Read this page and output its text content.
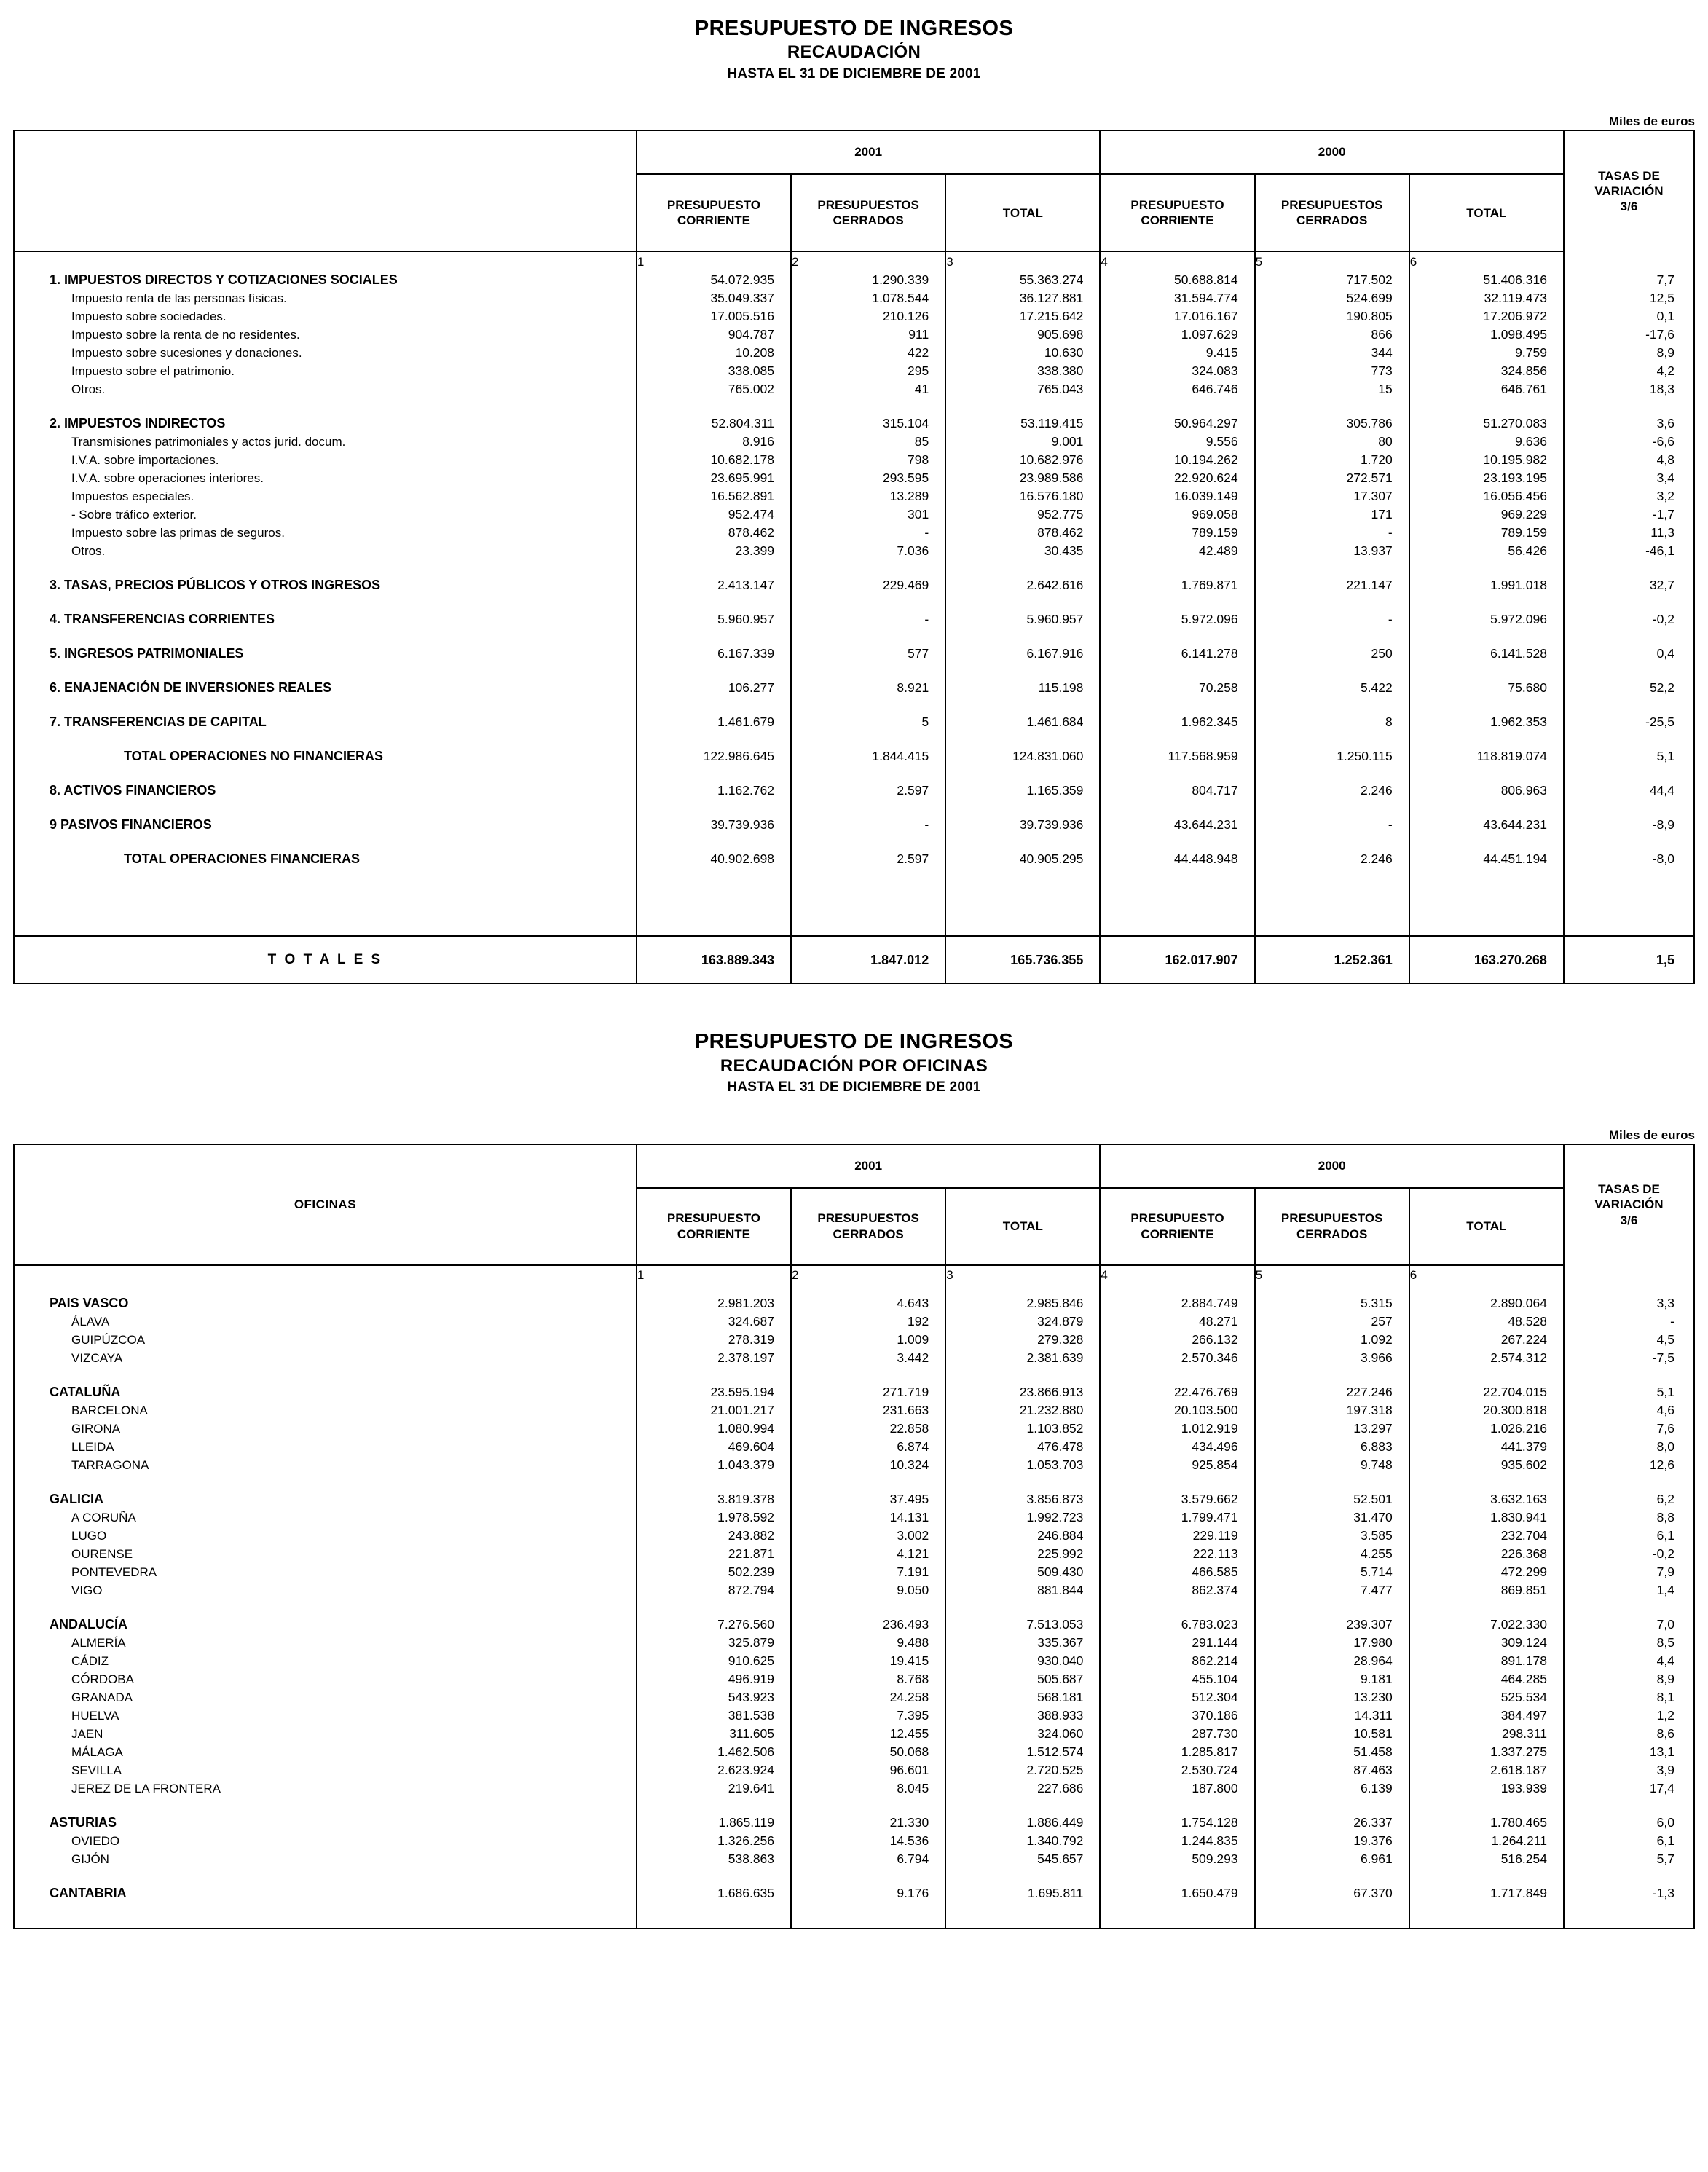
PRESUPUESTO DE INGRESOS
RECAUDACIÓN
HASTA EL 31 DE DICIEMBRE DE 2001
Miles de euros
	2001			2000			TASAS DE
VARIACIÓN
3/6
	PRESUPUESTO CORRIENTE	PRESUPUESTOS CERRADOS	TOTAL	PRESUPUESTO CORRIENTE	PRESUPUESTOS CERRADOS	TOTAL	
	1	2	3	4	5	6	
1. IMPUESTOS DIRECTOS Y COTIZACIONES SOCIALES	54.072.935	1.290.339	55.363.274	50.688.814	717.502	51.406.316	7,7
Impuesto renta de las personas físicas.	35.049.337	1.078.544	36.127.881	31.594.774	524.699	32.119.473	12,5
Impuesto sobre sociedades.	17.005.516	210.126	17.215.642	17.016.167	190.805	17.206.972	0,1
Impuesto sobre la renta de no residentes.	904.787	911	905.698	1.097.629	866	1.098.495	-17,6
Impuesto sobre sucesiones y donaciones.	10.208	422	10.630	9.415	344	9.759	8,9
Impuesto sobre el patrimonio.	338.085	295	338.380	324.083	773	324.856	4,2
Otros.	765.002	41	765.043	646.746	15	646.761	18,3

2. IMPUESTOS INDIRECTOS	52.804.311	315.104	53.119.415	50.964.297	305.786	51.270.083	3,6
Transmisiones patrimoniales y actos jurid. docum.	8.916	85	9.001	9.556	80	9.636	-6,6
I.V.A. sobre importaciones.	10.682.178	798	10.682.976	10.194.262	1.720	10.195.982	4,8
I.V.A. sobre operaciones interiores.	23.695.991	293.595	23.989.586	22.920.624	272.571	23.193.195	3,4
Impuestos especiales.	16.562.891	13.289	16.576.180	16.039.149	17.307	16.056.456	3,2
- Sobre tráfico exterior.	952.474	301	952.775	969.058	171	969.229	-1,7
Impuesto sobre las primas de seguros.	878.462	-	878.462	789.159	-	789.159	11,3
Otros.	23.399	7.036	30.435	42.489	13.937	56.426	-46,1

3. TASAS, PRECIOS PÚBLICOS Y OTROS INGRESOS	2.413.147	229.469	2.642.616	1.769.871	221.147	1.991.018	32,7

4. TRANSFERENCIAS CORRIENTES	5.960.957	-	5.960.957	5.972.096	-	5.972.096	-0,2

5. INGRESOS PATRIMONIALES	6.167.339	577	6.167.916	6.141.278	250	6.141.528	0,4

6. ENAJENACIÓN DE INVERSIONES REALES	106.277	8.921	115.198	70.258	5.422	75.680	52,2

7. TRANSFERENCIAS DE CAPITAL	1.461.679	5	1.461.684	1.962.345	8	1.962.353	-25,5

TOTAL OPERACIONES NO FINANCIERAS	122.986.645	1.844.415	124.831.060	117.568.959	1.250.115	118.819.074	5,1

8. ACTIVOS FINANCIEROS	1.162.762	2.597	1.165.359	804.717	2.246	806.963	44,4

9 PASIVOS FINANCIEROS	39.739.936	-	39.739.936	43.644.231	-	43.644.231	-8,9

TOTAL OPERACIONES FINANCIERAS	40.902.698	2.597	40.905.295	44.448.948	2.246	44.451.194	-8,0

T O T A L E S	163.889.343	1.847.012	165.736.355	162.017.907	1.252.361	163.270.268	1,5
PRESUPUESTO DE INGRESOS
RECAUDACIÓN POR OFICINAS
HASTA EL 31 DE DICIEMBRE DE 2001
Miles de euros
OFICINAS	2001			2000			TASAS DE
VARIACIÓN
3/6
	PRESUPUESTO CORRIENTE	PRESUPUESTOS CERRADOS	TOTAL	PRESUPUESTO CORRIENTE	PRESUPUESTOS CERRADOS	TOTAL	
	1	2	3	4	5	6	

PAIS VASCO	2.981.203	4.643	2.985.846	2.884.749	5.315	2.890.064	3,3
ÁLAVA	324.687	192	324.879	48.271	257	48.528	-
GUIPÚZCOA	278.319	1.009	279.328	266.132	1.092	267.224	4,5
VIZCAYA	2.378.197	3.442	2.381.639	2.570.346	3.966	2.574.312	-7,5

CATALUÑA	23.595.194	271.719	23.866.913	22.476.769	227.246	22.704.015	5,1
BARCELONA	21.001.217	231.663	21.232.880	20.103.500	197.318	20.300.818	4,6
GIRONA	1.080.994	22.858	1.103.852	1.012.919	13.297	1.026.216	7,6
LLEIDA	469.604	6.874	476.478	434.496	6.883	441.379	8,0
TARRAGONA	1.043.379	10.324	1.053.703	925.854	9.748	935.602	12,6

GALICIA	3.819.378	37.495	3.856.873	3.579.662	52.501	3.632.163	6,2
A CORUÑA	1.978.592	14.131	1.992.723	1.799.471	31.470	1.830.941	8,8
LUGO	243.882	3.002	246.884	229.119	3.585	232.704	6,1
OURENSE	221.871	4.121	225.992	222.113	4.255	226.368	-0,2
PONTEVEDRA	502.239	7.191	509.430	466.585	5.714	472.299	7,9
VIGO	872.794	9.050	881.844	862.374	7.477	869.851	1,4

ANDALUCÍA	7.276.560	236.493	7.513.053	6.783.023	239.307	7.022.330	7,0
ALMERÍA	325.879	9.488	335.367	291.144	17.980	309.124	8,5
CÁDIZ	910.625	19.415	930.040	862.214	28.964	891.178	4,4
CÓRDOBA	496.919	8.768	505.687	455.104	9.181	464.285	8,9
GRANADA	543.923	24.258	568.181	512.304	13.230	525.534	8,1
HUELVA	381.538	7.395	388.933	370.186	14.311	384.497	1,2
JAEN	311.605	12.455	324.060	287.730	10.581	298.311	8,6
MÁLAGA	1.462.506	50.068	1.512.574	1.285.817	51.458	1.337.275	13,1
SEVILLA	2.623.924	96.601	2.720.525	2.530.724	87.463	2.618.187	3,9
JEREZ DE LA FRONTERA	219.641	8.045	227.686	187.800	6.139	193.939	17,4

ASTURIAS	1.865.119	21.330	1.886.449	1.754.128	26.337	1.780.465	6,0
OVIEDO	1.326.256	14.536	1.340.792	1.244.835	19.376	1.264.211	6,1
GIJÓN	538.863	6.794	545.657	509.293	6.961	516.254	5,7

CANTABRIA	1.686.635	9.176	1.695.811	1.650.479	67.370	1.717.849	-1,3
